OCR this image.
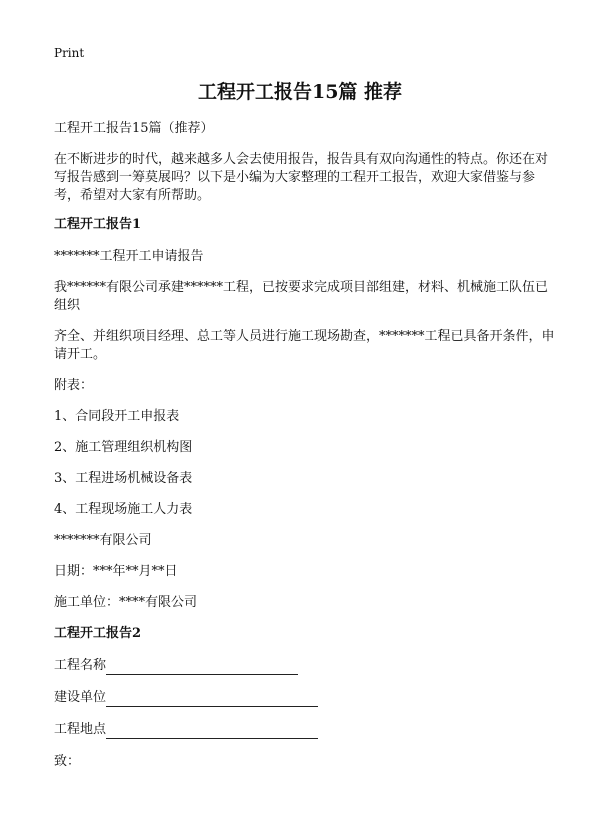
Print
工程开工报告15篇 推荐

工程开工报告15篇（推荐）

在不断进步的时代，越来越多人会去使用报告，报告具有双向沟通性的特点。你还在对写报告感到一筹莫展吗？以下是小编为大家整理的工程开工报告，欢迎大家借鉴与参考，希望对大家有所帮助。

工程开工报告1

*******工程开工申请报告

我******有限公司承建******工程，已按要求完成项目部组建，材料、机械施工队伍已组织

齐全、并组织项目经理、总工等人员进行施工现场勘查，*******工程已具备开条件，申请开工。

附表：

1、合同段开工申报表

2、施工管理组织机构图

3、工程进场机械设备表

4、工程现场施工人力表

*******有限公司

日期：***年**月**日

施工单位：****有限公司

工程开工报告2

工程名称
建设单位
工程地点

致：
